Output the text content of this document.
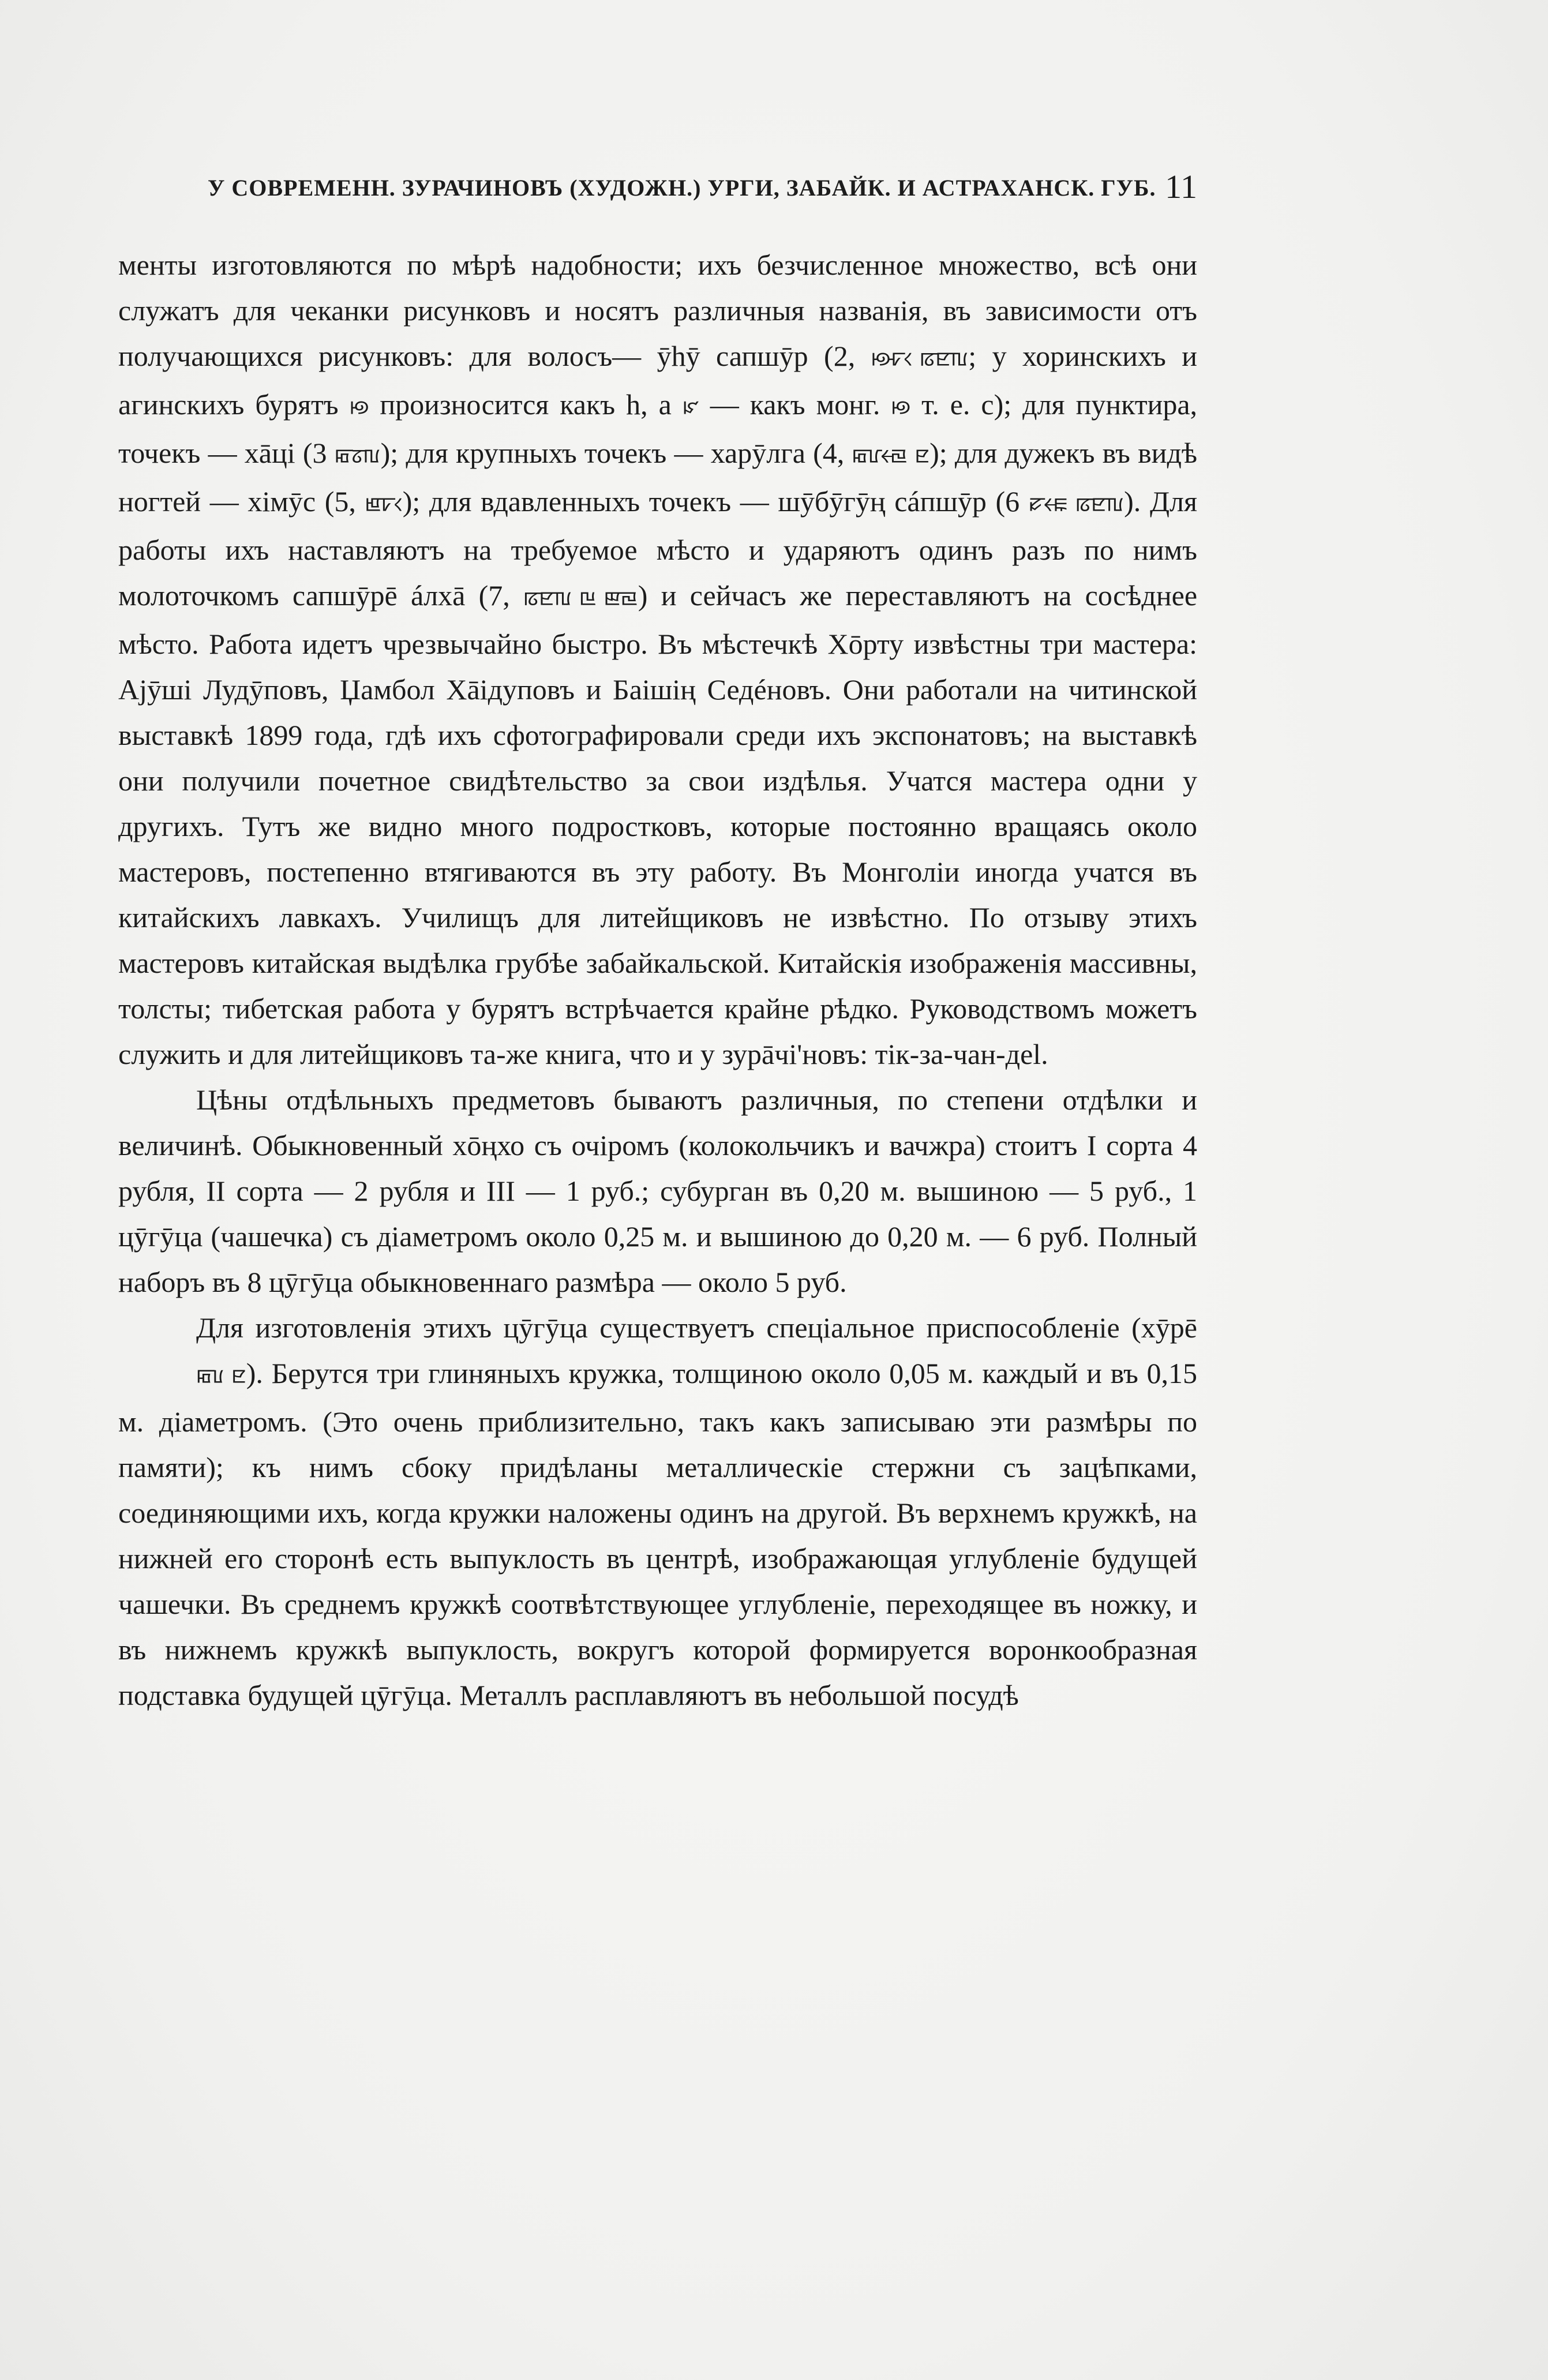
У СОВРЕМЕНН. ЗУРАЧИНОВЪ (ХУДОЖН.) УРГИ, ЗАБАЙК. И АСТРАХАНСК. ГУБ. 11

менты изготовляются по мѣрѣ надобности; ихъ безчисленное множество, всѣ они служатъ для чеканки рисунковъ и носятъ различныя названія, въ зависимости отъ получающихся рисунковъ: для волосъ— ӯhӯ сапшӯр (2, ꡟꡠꡡ ꡞꡢꡃ; у хоринскихъ и агинскихъ бурятъ ꡟ произносится какъ h, а ꡜ — какъ монг. ꡟ т. е. с); для пунктира, точекъ — хāцi (3 ꡂꡞꡃ); для крупныхъ точекъ — харӯлга (4, ꡂꡦꡡꡙ ꡢ); для дужекъ въ видѣ ногтей — хiмӯс (5, ꡁꡠꡡ); для вдавленныхъ точекъ — шӯбӯгӯң сáпшӯр (6 ꡛꡡꡀ ꡞꡢꡃ). Для работы ихъ наставляютъ на требуемое мѣсто и ударяютъ одинъ разъ по нимъ молоточкомъ сапшӯрē áлхā (7, ꡞꡢꡃ ꡖ ꡣꡙ) и сейчасъ же переставляютъ на сосѣднее мѣсто. Работа идетъ чрезвычайно быстро. Въ мѣстечкѣ Хōрту извѣстны три мастера: Аjӯшi Лудӯповъ, Џамбол Хāiдуповъ и Баiшiң Седéновъ. Они работали на читинской выставкѣ 1899 года, гдѣ ихъ сфотографировали среди ихъ экспонатовъ; на выставкѣ они получили почетное свидѣтельство за свои издѣлья. Учатся мастера одни у другихъ. Тутъ же видно много подростковъ, которые постоянно вращаясь около мастеровъ, постепенно втягиваются въ эту работу. Въ Монголіи иногда учатся въ китайскихъ лавкахъ. Училищъ для литейщиковъ не извѣстно. По отзыву этихъ мастеровъ китайская выдѣлка грубѣе забайкальской. Китайскія изображенія массивны, толсты; тибетская работа у бурятъ встрѣчается крайне рѣдко. Руководствомъ можетъ служить и для литейщиковъ та-же книга, что и у зурāчi'новъ: тiк-за-чан-деl.

Цѣны отдѣльныхъ предметовъ бываютъ различныя, по степени отдѣлки и величинѣ. Обыкновенный хōңхо съ очiромъ (колокольчикъ и вачжра) стоитъ I сорта 4 рубля, II сорта — 2 рубля и III — 1 руб.; субурган въ 0,20 м. вышиною — 5 руб., 1 цӯгӯца (чашечка) съ діаметромъ около 0,25 м. и вышиною до 0,20 м. — 6 руб. Полный наборъ въ 8 цӯгӯца обыкновеннаго размѣра — около 5 руб.

Для изготовленія этихъ цӯгӯца существуетъ спеціальное приспособленіе (хӯрē ꡂꡦ ꡢ). Берутся три глиняныхъ кружка, толщиною около 0,05 м. каждый и въ 0,15 м. діаметромъ. (Это очень приблизительно, такъ какъ записываю эти размѣры по памяти); къ нимъ сбоку придѣланы металлическіе стержни съ зацѣпками, соединяющими ихъ, когда кружки наложены одинъ на другой. Въ верхнемъ кружкѣ, на нижней его сторонѣ есть выпуклость въ центрѣ, изображающая углубленіе будущей чашечки. Въ среднемъ кружкѣ соотвѣтствующее углубленіе, переходящее въ ножку, и въ нижнемъ кружкѣ выпуклость, вокругъ которой формируется воронкообразная подставка будущей цӯгӯца. Металлъ расплавляютъ въ небольшой посудѣ
